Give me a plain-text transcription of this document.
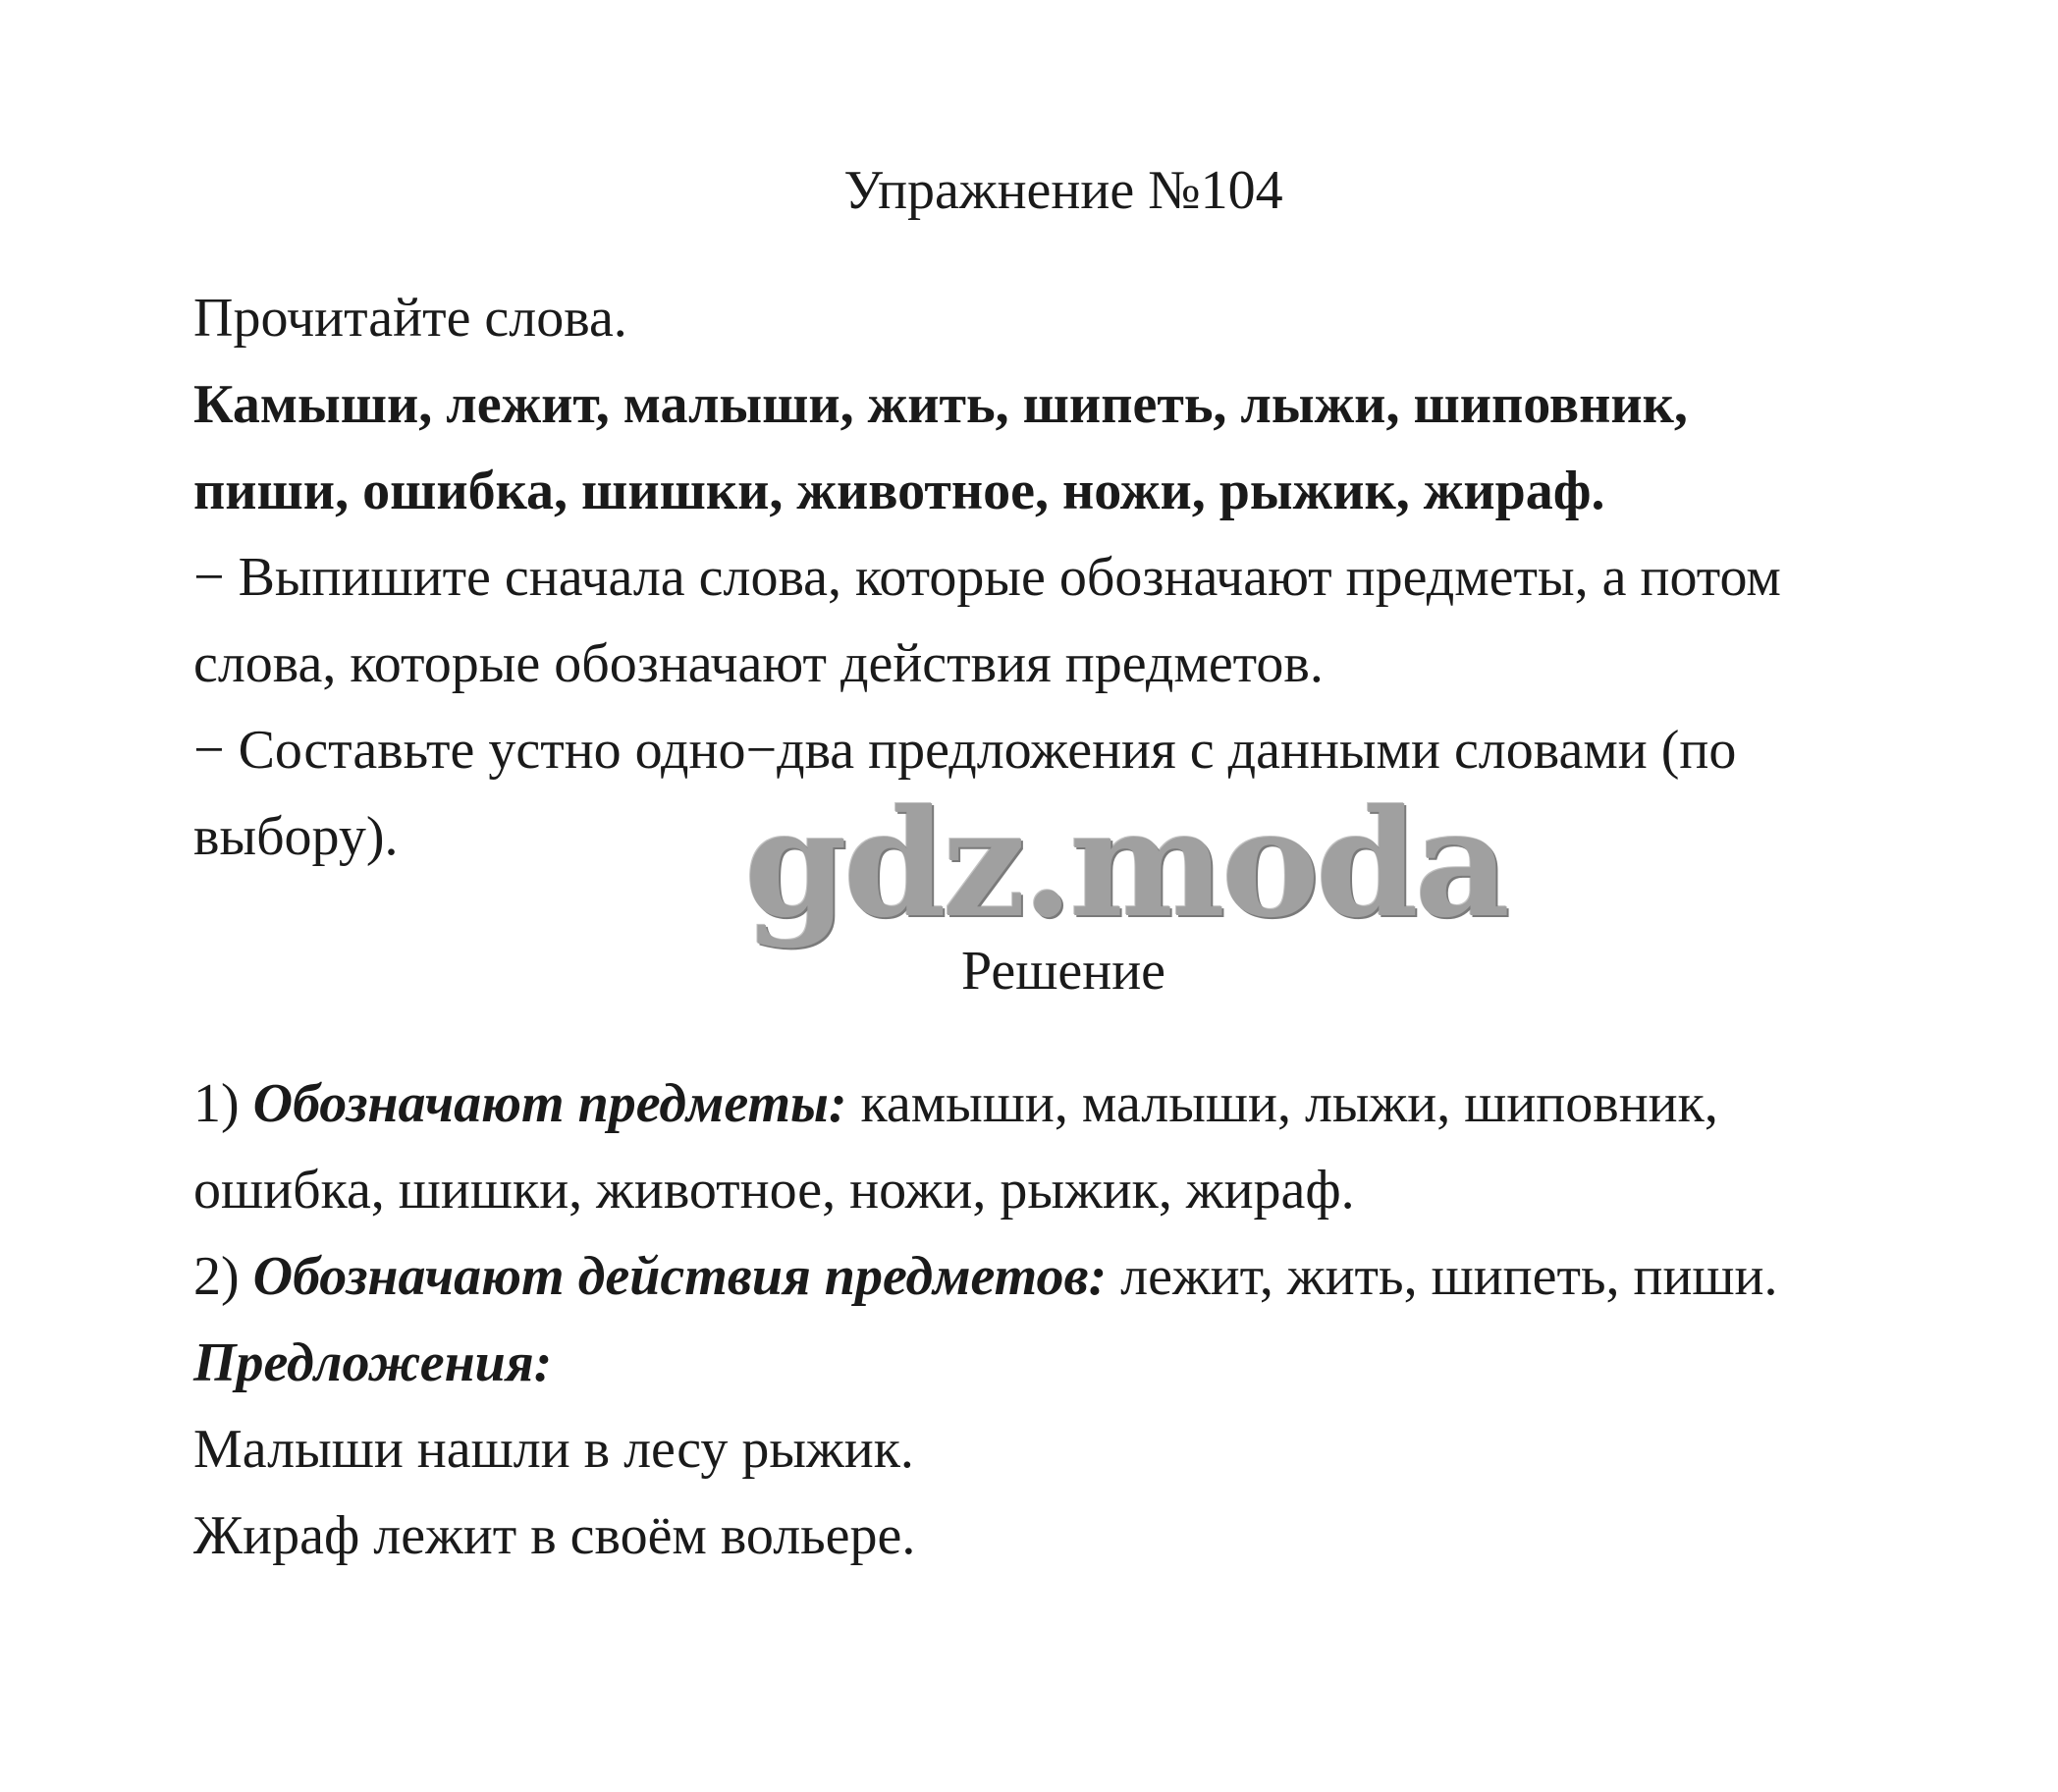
Упражнение №104
Прочитайте слова.
Камыши, лежит, малыши, жить, шипеть, лыжи, шиповник,
пиши, ошибка, шишки, животное, ножи, рыжик, жираф.
− Выпишите сначала слова, которые обозначают предметы, а потом
слова, которые обозначают действия предметов.
− Составьте устно одно−два предложения с данными словами (по
выбору).	gdz.moda
Решение
1) Обозначают предметы: камыши, малыши, лыжи, шиповник,
ошибка, шишки, животное, ножи, рыжик, жираф.
2) Обозначают действия предметов: лежит, жить, шипеть, пиши.
Предложения:
Малыши нашли в лесу рыжик.
Жираф лежит в своём вольере.
